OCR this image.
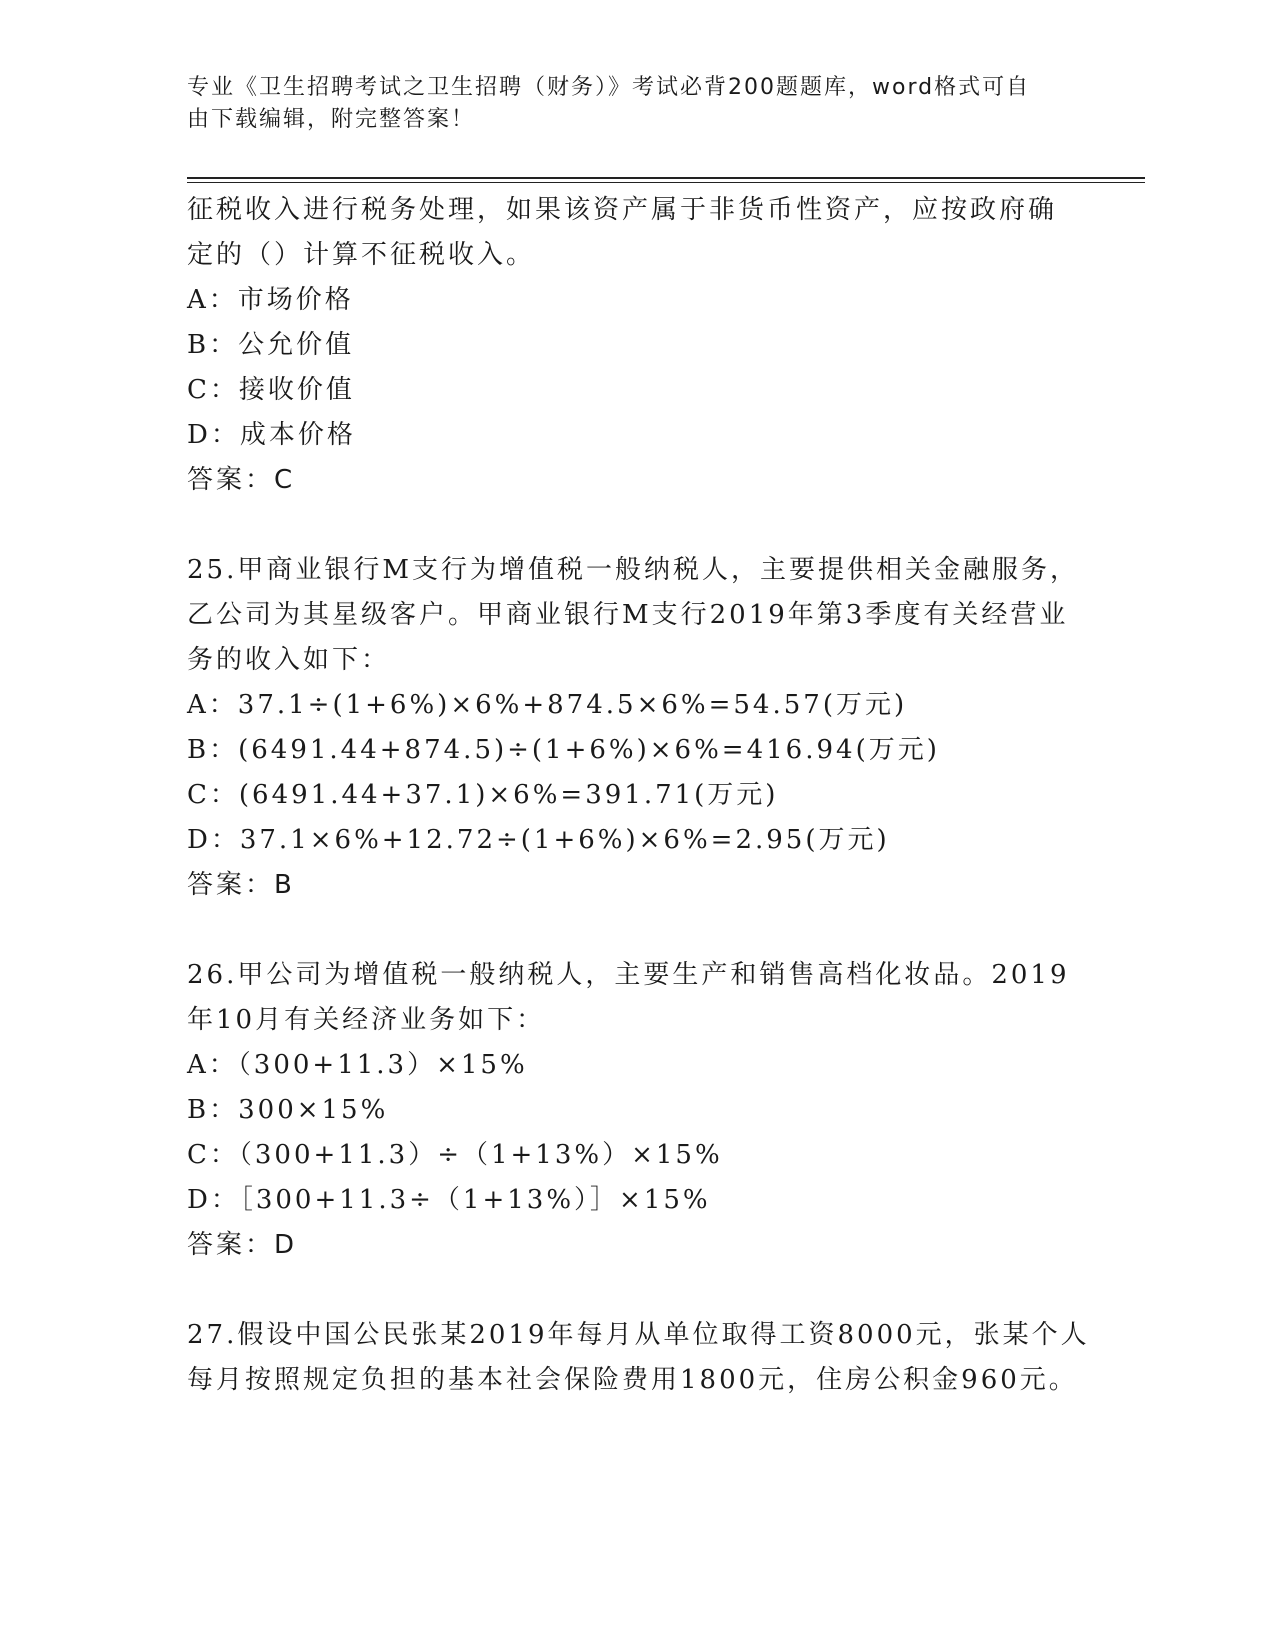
专业《卫生招聘考试之卫生招聘（财务）》考试必背200题题库，word格式可自
由下载编辑，附完整答案！
征税收入进行税务处理，如果该资产属于非货币性资产，应按政府确
定的（）计算不征税收入。
A：市场价格
B：公允价值
C：接收价值
D：成本价格
答案：C
25.甲商业银行M支行为增值税一般纳税人，主要提供相关金融服务，
乙公司为其星级客户。甲商业银行M支行2019年第3季度有关经营业
务的收入如下：
A：37.1÷(1+6%)×6%+874.5×6%=54.57(万元)
B：(6491.44+874.5)÷(1+6%)×6%=416.94(万元)
C：(6491.44+37.1)×6%=391.71(万元)
D：37.1×6%+12.72÷(1+6%)×6%=2.95(万元)
答案：B
26.甲公司为增值税一般纳税人，主要生产和销售高档化妆品。2019
年10月有关经济业务如下：
A：（300+11.3）×15%
B：300×15%
C：（300+11.3）÷（1+13%）×15%
D：［300+11.3÷（1+13%）］×15%
答案：D
27.假设中国公民张某2019年每月从单位取得工资8000元，张某个人
每月按照规定负担的基本社会保险费用1800元，住房公积金960元。
